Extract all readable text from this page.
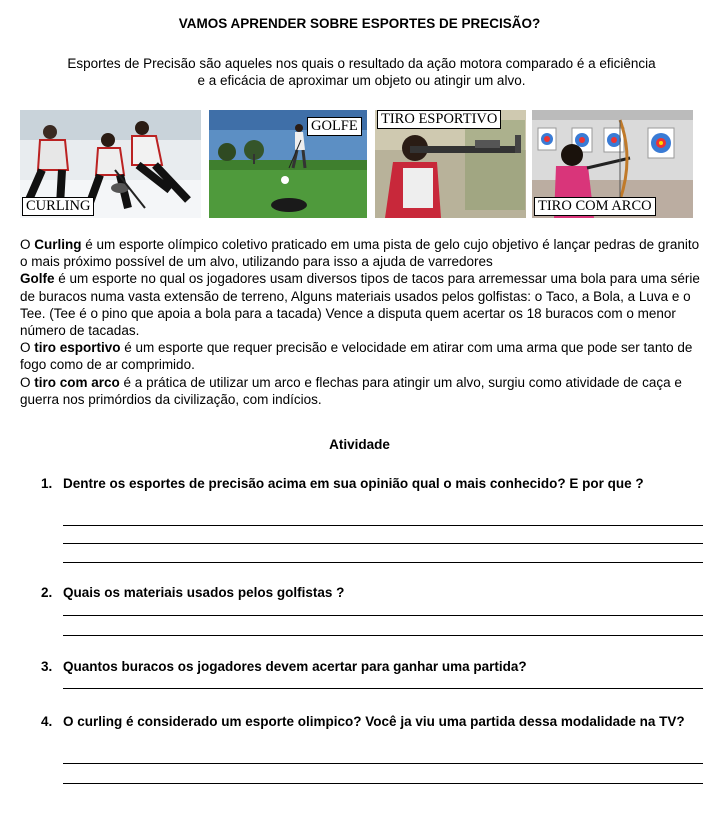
VAMOS APRENDER SOBRE ESPORTES DE PRECISÃO?
Esportes de Precisão são aqueles nos quais o resultado da ação motora comparado é a eficiência
e a eficácia de aproximar um objeto ou atingir um alvo.
CURLING
GOLFE TIRO ESPORTIVO
TIRO COM ARCO

O Curling é um esporte olímpico coletivo praticado em uma pista de gelo cujo objetivo é lançar pedras de granito o mais próximo possível de um alvo, utilizando para isso a ajuda de varredores

Golfe é um esporte no qual os jogadores usam diversos tipos de tacos para arremessar uma bola para uma série de buracos numa vasta extensão de terreno, Alguns materiais usados pelos golfistas: o Taco, a Bola, a Luva e o Tee. (Tee é o pino que apoia a bola para a tacada) Vence a disputa quem acertar os 18 buracos com o menor número de tacadas.

O tiro esportivo é um esporte que requer precisão e velocidade em atirar com uma arma que pode ser tanto de fogo como de ar comprimido.

O tiro com arco é a prática de utilizar um arco e flechas para atingir um alvo, surgiu como atividade de caça e guerra nos primórdios da civilização, com indícios.

Atividade
1. Dentre os esportes de precisão acima em sua opinião qual o mais conhecido? E por que ?
2. Quais os materiais usados pelos golfistas ?
3. Quantos buracos os jogadores devem acertar para ganhar uma partida?
4. O curling é considerado um esporte olimpico? Você ja viu uma partida dessa modalidade na TV?
